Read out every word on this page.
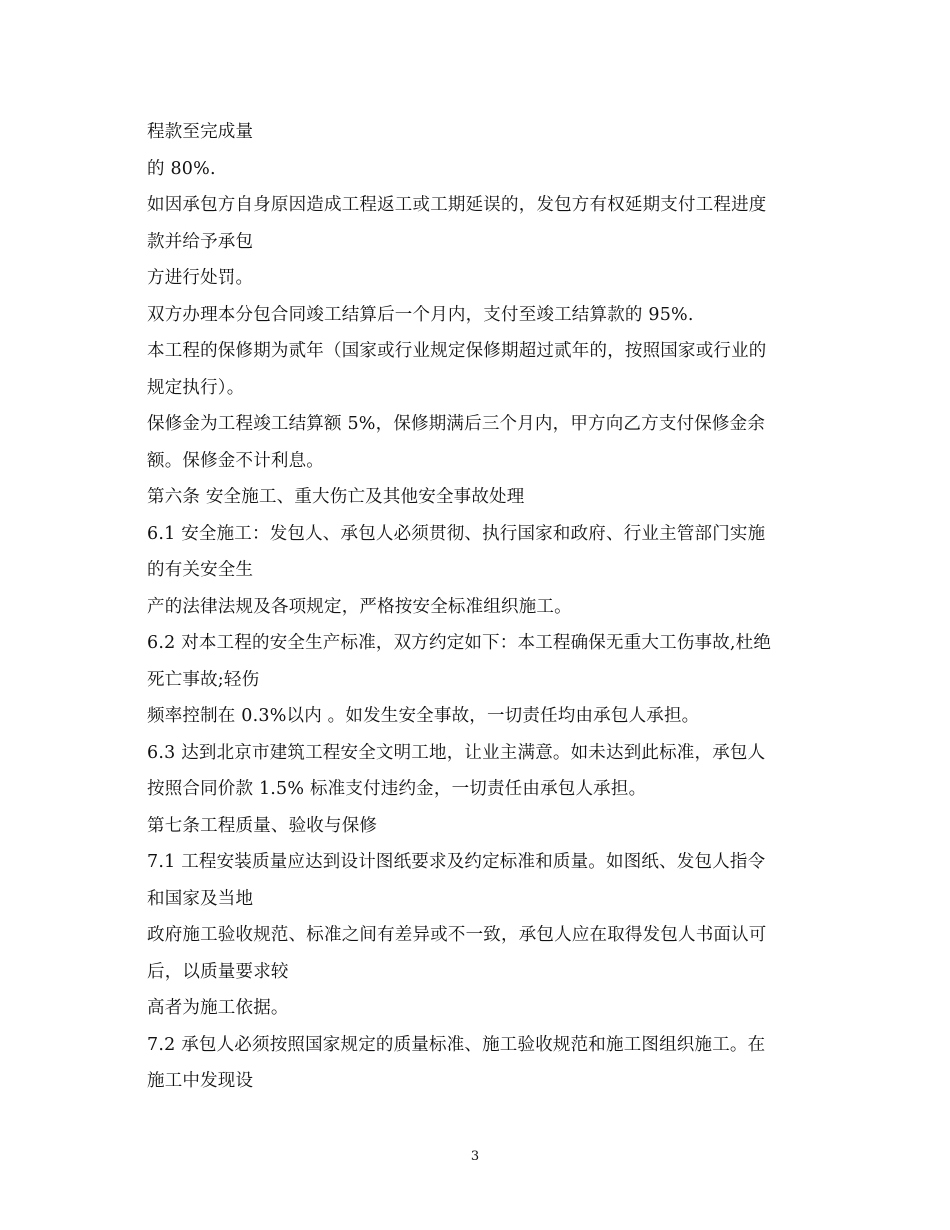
程款至完成量
的 80%.
如因承包方自身原因造成工程返工或工期延误的，发包方有权延期支付工程进度
款并给予承包
方进行处罚。
双方办理本分包合同竣工结算后一个月内，支付至竣工结算款的 95%.
本工程的保修期为贰年（国家或行业规定保修期超过贰年的，按照国家或行业的
规定执行）。
保修金为工程竣工结算额 5%，保修期满后三个月内，甲方向乙方支付保修金余
额。保修金不计利息。
第六条 安全施工、重大伤亡及其他安全事故处理
6.1 安全施工：发包人、承包人必须贯彻、执行国家和政府、行业主管部门实施
的有关安全生
产的法律法规及各项规定，严格按安全标准组织施工。
6.2 对本工程的安全生产标准，双方约定如下：本工程确保无重大工伤事故,杜绝
死亡事故;轻伤
频率控制在 0.3%以内 。如发生安全事故，一切责任均由承包人承担。
6.3 达到北京市建筑工程安全文明工地，让业主满意。如未达到此标准，承包人
按照合同价款 1.5% 标准支付违约金，一切责任由承包人承担。
第七条工程质量、验收与保修
7.1 工程安装质量应达到设计图纸要求及约定标准和质量。如图纸、发包人指令
和国家及当地
政府施工验收规范、标准之间有差异或不一致，承包人应在取得发包人书面认可
后，以质量要求较
高者为施工依据。
7.2 承包人必须按照国家规定的质量标准、施工验收规范和施工图组织施工。在
施工中发现设
3
